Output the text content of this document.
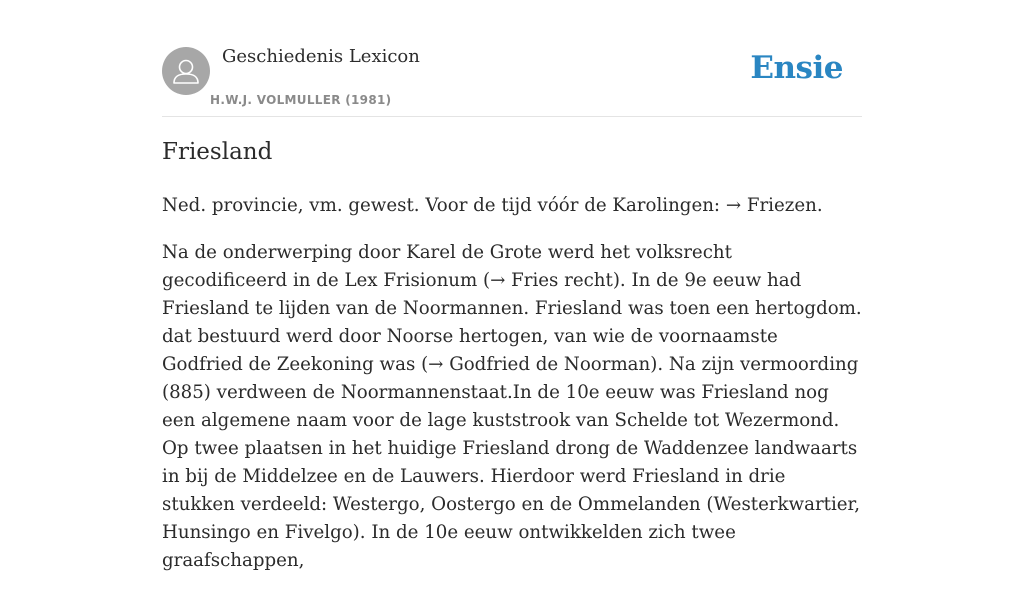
Geschiedenis Lexicon
H.W.J. VOLMULLER (1981)
Ensie
Friesland

Ned. provincie, vm. gewest. Voor de tijd vóór de Karolingen: → Friezen.

Na de onderwerping door Karel de Grote werd het volksrecht gecodificeerd in de Lex Frisionum (→ Fries recht). In de 9e eeuw had Friesland te lijden van de Noormannen. Friesland was toen een hertogdom. dat bestuurd werd door Noorse hertogen, van wie de voornaamste Godfried de Zeekoning was (→ Godfried de Noorman). Na zijn vermoording (885) verdween de Noormannenstaat.In de 10e eeuw was Friesland nog een algemene naam voor de lage kuststrook van Schelde tot Wezermond. Op twee plaatsen in het huidige Friesland drong de Waddenzee landwaarts in bij de Middelzee en de Lauwers. Hierdoor werd Friesland in drie stukken verdeeld: Westergo, Oostergo en de Ommelanden (Westerkwartier, Hunsingo en Fivelgo). In de 10e eeuw ontwikkelden zich twee graafschappen,
